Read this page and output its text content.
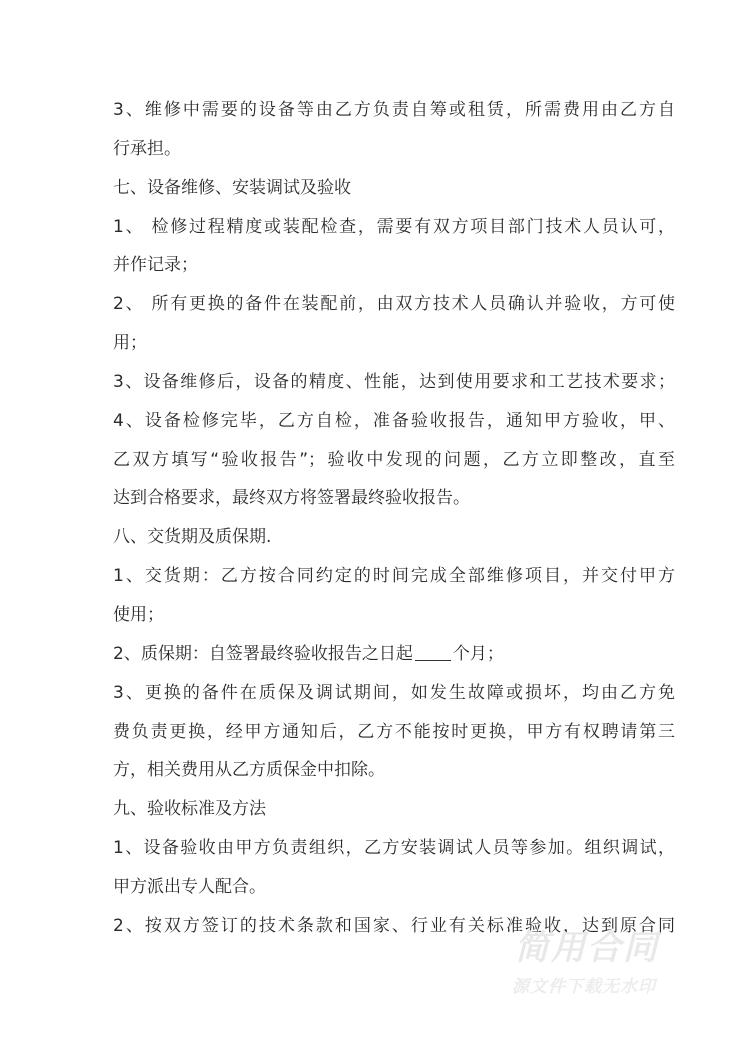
3、维修中需要的设备等由乙方负责自筹或租赁，所需费用由乙方自
行承担。
七、设备维修、安装调试及验收
1、 检修过程精度或装配检查，需要有双方项目部门技术人员认可，
并作记录；
2、 所有更换的备件在装配前，由双方技术人员确认并验收，方可使
用；
3、设备维修后，设备的精度、性能，达到使用要求和工艺技术要求；
4、设备检修完毕，乙方自检，准备验收报告，通知甲方验收，甲、
乙双方填写“验收报告”；验收中发现的问题，乙方立即整改，直至
达到合格要求，最终双方将签署最终验收报告。
八、交货期及质保期.
1、交货期：乙方按合同约定的时间完成全部维修项目，并交付甲方
使用；
2、质保期：自签署最终验收报告之日起 个月；
3、更换的备件在质保及调试期间，如发生故障或损坏，均由乙方免
费负责更换，经甲方通知后，乙方不能按时更换，甲方有权聘请第三
方，相关费用从乙方质保金中扣除。
九、验收标准及方法
1、设备验收由甲方负责组织，乙方安装调试人员等参加。组织调试，
甲方派出专人配合。
2、按双方签订的技术条款和国家、行业有关标准验收，达到原合同
简用合同
源文件下载无水印
